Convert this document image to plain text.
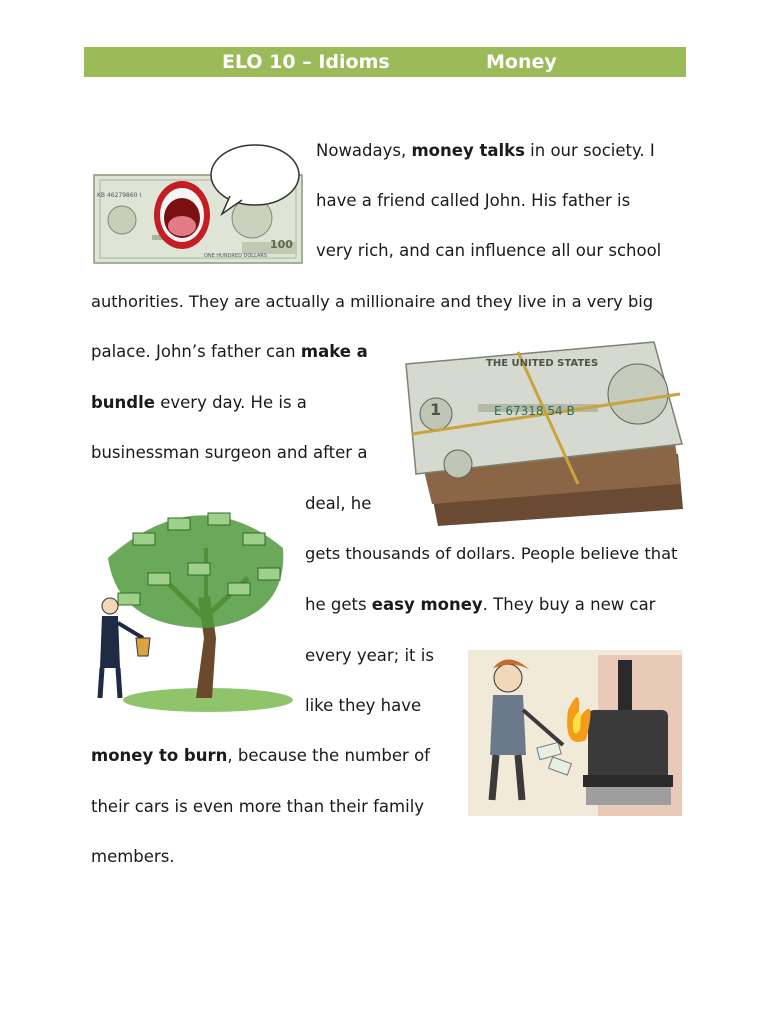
ELO 10 – Idioms	Money
KB 46279860 I
100
ONE HUNDRED DOLLARS
THE UNITED STATES
1	E 67318 54 B
Nowadays, money talks in our society. I
have a friend called John. His father is
very rich, and can influence all our school
authorities. They are actually a millionaire and they live in a very big
palace. John’s father can make a
bundle every day. He is a
businessman surgeon and after a
deal, he
gets thousands of dollars. People believe that
he gets easy money. They buy a new car
every year; it is
like they have
money to burn, because the number of
their cars is even more than their family
members.
